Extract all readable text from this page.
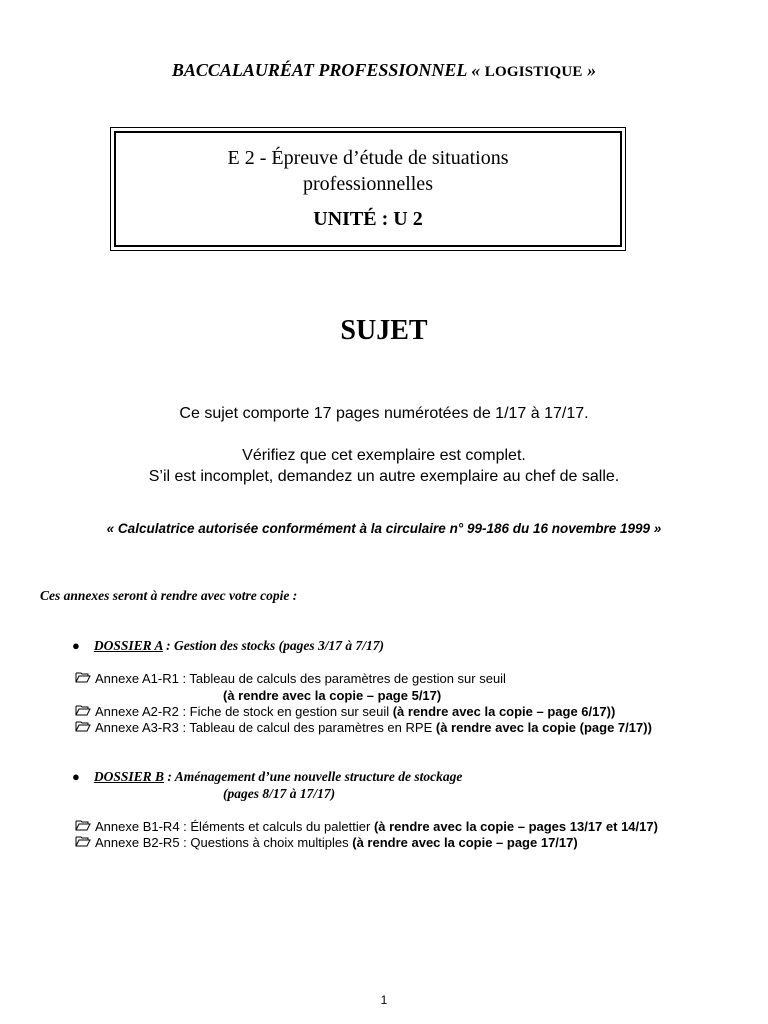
BACCALAURÉAT PROFESSIONNEL « LOGISTIQUE »
E 2 - Épreuve d’étude de situations
professionnelles
UNITÉ : U 2
SUJET
Ce sujet comporte 17 pages numérotées de 1/17 à 17/17.
Vérifiez que cet exemplaire est complet.
S’il est incomplet, demandez un autre exemplaire au chef de salle.
« Calculatrice autorisée conformément à la circulaire n° 99-186 du 16 novembre 1999 »
Ces annexes seront à rendre avec votre copie :
● DOSSIER A : Gestion des stocks (pages 3/17 à 7/17)
Annexe A1-R1 : Tableau de calculs des paramètres de gestion sur seuil
(à rendre avec la copie – page 5/17)
Annexe A2-R2 : Fiche de stock en gestion sur seuil (à rendre avec la copie – page 6/17))
Annexe A3-R3 : Tableau de calcul des paramètres en RPE (à rendre avec la copie (page 7/17))
● DOSSIER B : Aménagement d’une nouvelle structure de stockage
(pages 8/17 à 17/17)
Annexe B1-R4 : Éléments et calculs du palettier (à rendre avec la copie – pages 13/17 et 14/17)
Annexe B2-R5 : Questions à choix multiples (à rendre avec la copie – page 17/17)
1
